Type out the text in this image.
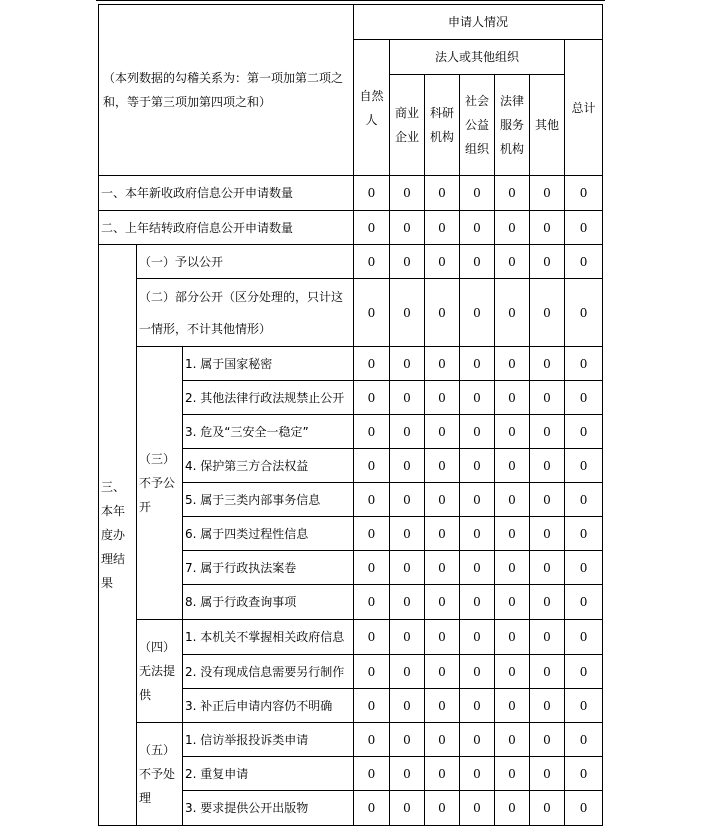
（本列数据的勾稽关系为：第一项加第二项之和，等于第三项加第四项之和）			申请人情况						
			自然人	法人或其他组织					总计
				商业企业	科研机构	社会公益组织	法律服务机构	其他	
一、本年新收政府信息公开申请数量			0	0	0	0	0	0	0
二、上年结转政府信息公开申请数量			0	0	0	0	0	0	0
三、本年度办理结果	（一）予以公开		0	0	0	0	0	0	0
	（二）部分公开（区分处理的，只计这一情形，不计其他情形）		0	0	0	0	0	0	0
	（三）不予公开	1. 属于国家秘密	0	0	0	0	0	0	0
		2. 其他法律行政法规禁止公开	0	0	0	0	0	0	0
		3. 危及“三安全一稳定”	0	0	0	0	0	0	0
		4. 保护第三方合法权益	0	0	0	0	0	0	0
		5. 属于三类内部事务信息	0	0	0	0	0	0	0
		6. 属于四类过程性信息	0	0	0	0	0	0	0
		7. 属于行政执法案卷	0	0	0	0	0	0	0
		8. 属于行政查询事项	0	0	0	0	0	0	0
	（四）无法提供	1. 本机关不掌握相关政府信息	0	0	0	0	0	0	0
		2. 没有现成信息需要另行制作	0	0	0	0	0	0	0
		3. 补正后申请内容仍不明确	0	0	0	0	0	0	0
	（五）不予处理	1. 信访举报投诉类申请	0	0	0	0	0	0	0
		2. 重复申请	0	0	0	0	0	0	0
		3. 要求提供公开出版物	0	0	0	0	0	0	0
